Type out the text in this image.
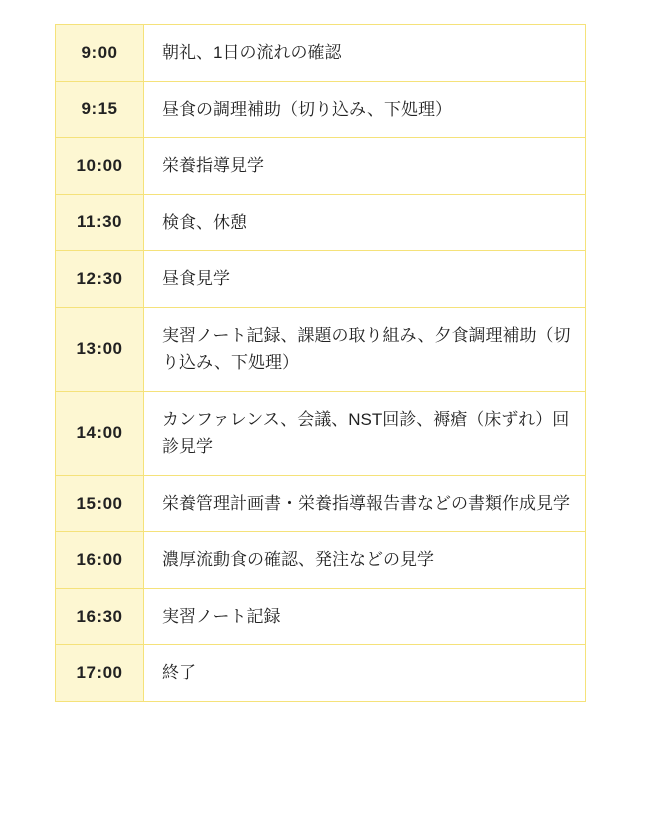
9:00	朝礼、1日の流れの確認
9:15	昼食の調理補助（切り込み、下処理）
10:00	栄養指導見学
11:30	検食、休憩
12:30	昼食見学
13:00	実習ノート記録、課題の取り組み、夕食調理補助（切り込み、下処理）
14:00	カンファレンス、会議、NST回診、褥瘡（床ずれ）回診見学
15:00	栄養管理計画書・栄養指導報告書などの書類作成見学
16:00	濃厚流動食の確認、発注などの見学
16:30	実習ノート記録
17:00	終了
